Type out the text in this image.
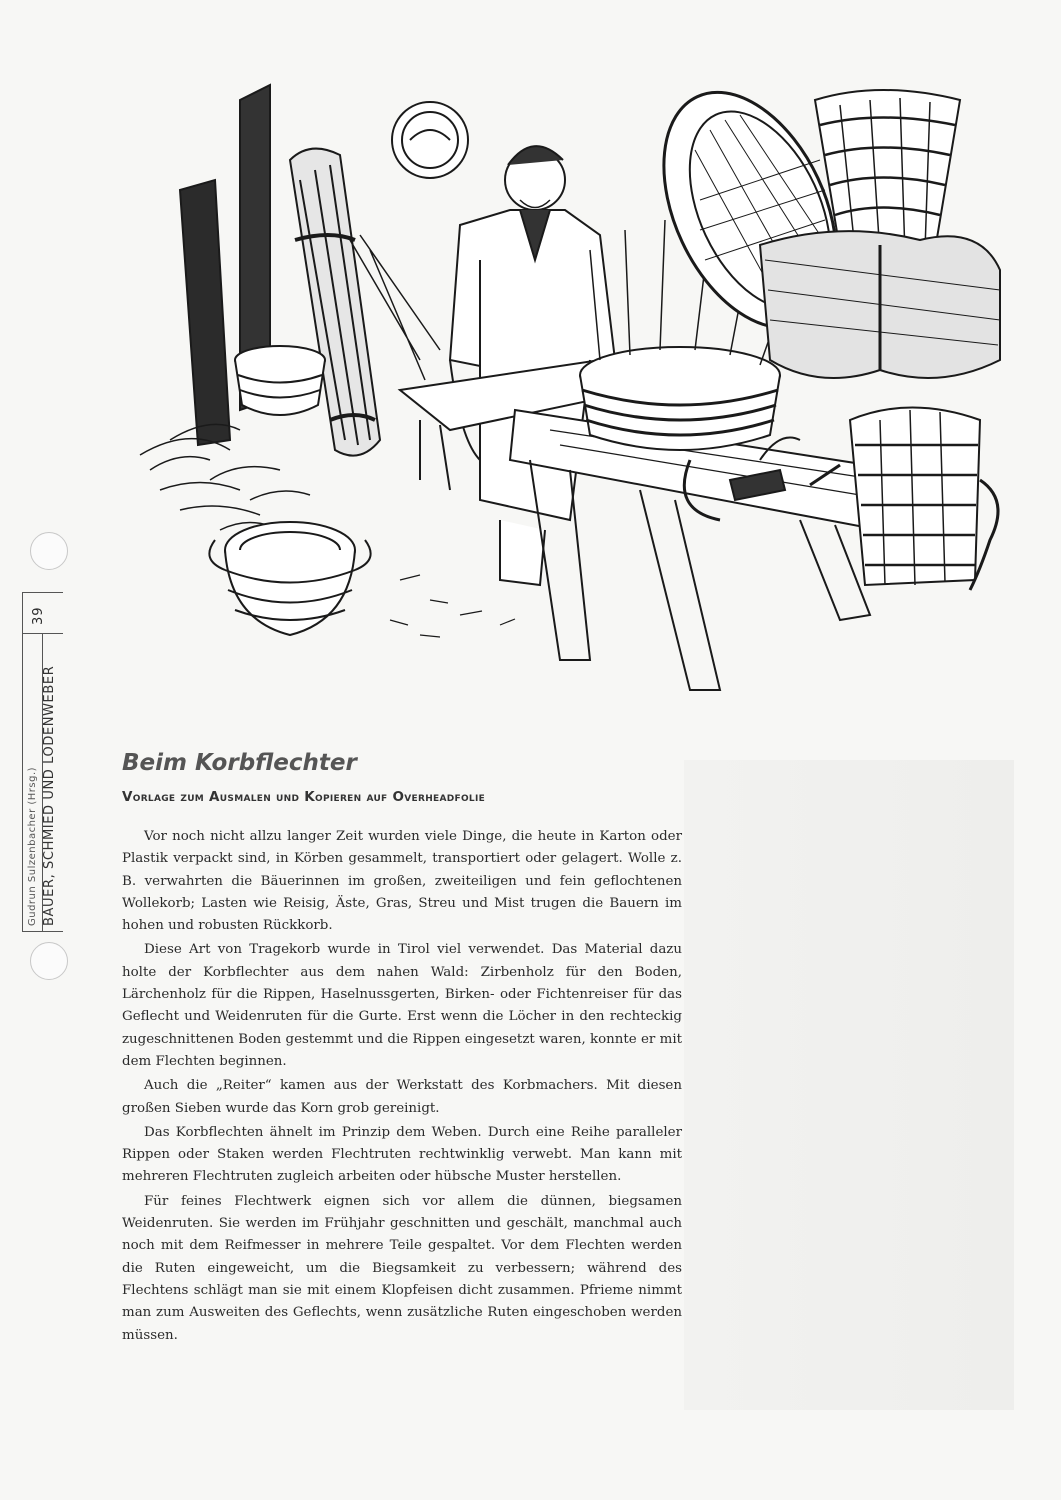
39
Gudrun Sulzenbacher (Hrsg.) BAUER, SCHMIED UND LODENWEBER	Beim Korbflechter
Vorlage zum Ausmalen und Kopieren auf Overheadfolie

Vor noch nicht allzu langer Zeit wurden viele Dinge, die heute in Karton oder Plastik verpackt sind, in Körben gesammelt, transportiert oder gelagert. Wolle z. B. verwahrten die Bäuerinnen im großen, zweiteiligen und fein geflochtenen Wollekorb; Lasten wie Reisig, Äste, Gras, Streu und Mist trugen die Bauern im hohen und robusten Rückkorb.

Diese Art von Tragekorb wurde in Tirol viel verwendet. Das Material dazu holte der Korbflechter aus dem nahen Wald: Zirbenholz für den Boden, Lärchenholz für die Rippen, Haselnussgerten, Birken- oder Fichtenreiser für das Geflecht und Weidenruten für die Gurte. Erst wenn die Löcher in den rechteckig zugeschnittenen Boden gestemmt und die Rippen eingesetzt waren, konnte er mit dem Flechten beginnen.

Auch die „Reiter“ kamen aus der Werkstatt des Korbmachers. Mit diesen großen Sieben wurde das Korn grob gereinigt.

Das Korbflechten ähnelt im Prinzip dem Weben. Durch eine Reihe paralleler Rippen oder Staken werden Flechtruten rechtwinklig verwebt. Man kann mit mehreren Flechtruten zugleich arbeiten oder hübsche Muster herstellen.

Für feines Flechtwerk eignen sich vor allem die dünnen, biegsamen Weidenruten. Sie werden im Frühjahr geschnitten und geschält, manchmal auch noch mit dem Reifmesser in mehrere Teile gespaltet. Vor dem Flechten werden die Ruten eingeweicht, um die Biegsamkeit zu verbessern; während des Flechtens schlägt man sie mit einem Klopfeisen dicht zusammen. Pfrieme nimmt man zum Ausweiten des Geflechts, wenn zusätzliche Ruten eingeschoben werden müssen.
